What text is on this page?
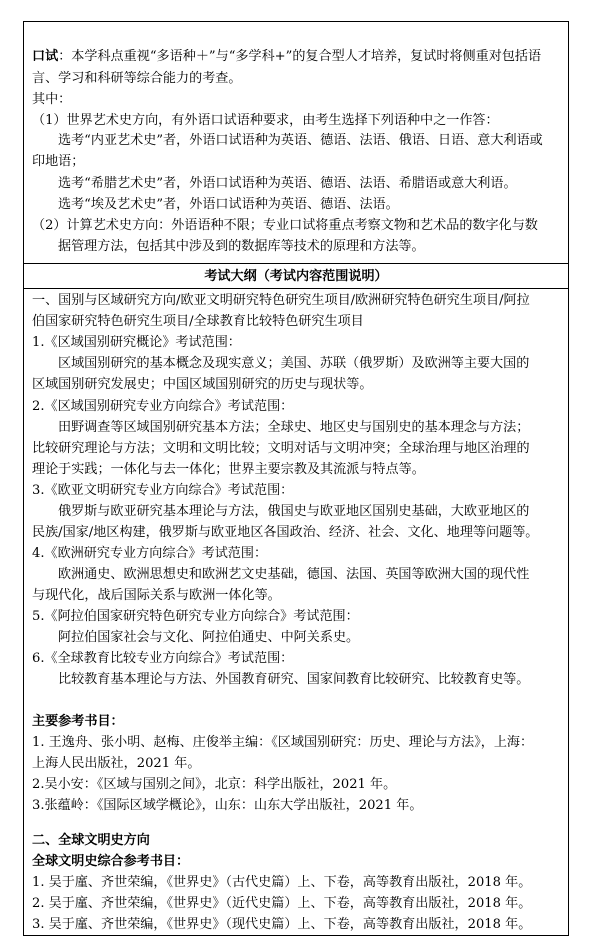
口试：本学科点重视“多语种＋”与“多学科+”的复合型人才培养，复试时将侧重对包括语
言、学习和科研等综合能力的考查。
其中：
（1）世界艺术史方向，有外语口试语种要求，由考生选择下列语种中之一作答：
选考“内亚艺术史”者，外语口试语种为英语、德语、法语、俄语、日语、意大利语或
印地语；
选考“希腊艺术史”者，外语口试语种为英语、德语、法语、希腊语或意大利语。
选考“埃及艺术史”者，外语口试语种为英语、德语、法语。
（2）计算艺术史方向：外语语种不限；专业口试将重点考察文物和艺术品的数字化与数
据管理方法，包括其中涉及到的数据库等技术的原理和方法等。
考试大纲（考试内容范围说明）
一、国别与区域研究方向/欧亚文明研究特色研究生项目/欧洲研究特色研究生项目/阿拉
伯国家研究特色研究生项目/全球教育比较特色研究生项目
1.《区域国别研究概论》考试范围：
区域国别研究的基本概念及现实意义；美国、苏联（俄罗斯）及欧洲等主要大国的
区域国别研究发展史；中国区域国别研究的历史与现状等。
2.《区域国别研究专业方向综合》考试范围：
田野调查等区域国别研究基本方法；全球史、地区史与国别史的基本理念与方法；
比较研究理论与方法；文明和文明比较；文明对话与文明冲突；全球治理与地区治理的
理论于实践；一体化与去一体化；世界主要宗教及其流派与特点等。
3.《欧亚文明研究专业方向综合》考试范围：
俄罗斯与欧亚研究基本理论与方法，俄国史与欧亚地区国别史基础，大欧亚地区的
民族/国家/地区构建，俄罗斯与欧亚地区各国政治、经济、社会、文化、地理等问题等。
4.《欧洲研究专业方向综合》考试范围：
欧洲通史、欧洲思想史和欧洲艺文史基础，德国、法国、英国等欧洲大国的现代性
与现代化，战后国际关系与欧洲一体化等。
5.《阿拉伯国家研究特色研究专业方向综合》考试范围：
阿拉伯国家社会与文化、阿拉伯通史、中阿关系史。
6.《全球教育比较专业方向综合》考试范围：
比较教育基本理论与方法、外国教育研究、国家间教育比较研究、比较教育史等。
主要参考书目：
1. 王逸舟、张小明、赵梅、庄俊举主编：《区域国别研究：历史、理论与方法》，上海：
上海人民出版社，2021 年。
2.吴小安：《区域与国别之间》，北京：科学出版社，2021 年。
3.张蕴岭：《国际区域学概论》，山东：山东大学出版社，2021 年。
二、全球文明史方向
全球文明史综合参考书目：
1. 吴于廑、齐世荣编，《世界史》（古代史篇）上、下卷，高等教育出版社，2018 年。
2. 吴于廑、齐世荣编，《世界史》（近代史篇）上、下卷，高等教育出版社，2018 年。
3. 吴于廑、齐世荣编，《世界史》（现代史篇）上、下卷，高等教育出版社，2018 年。
